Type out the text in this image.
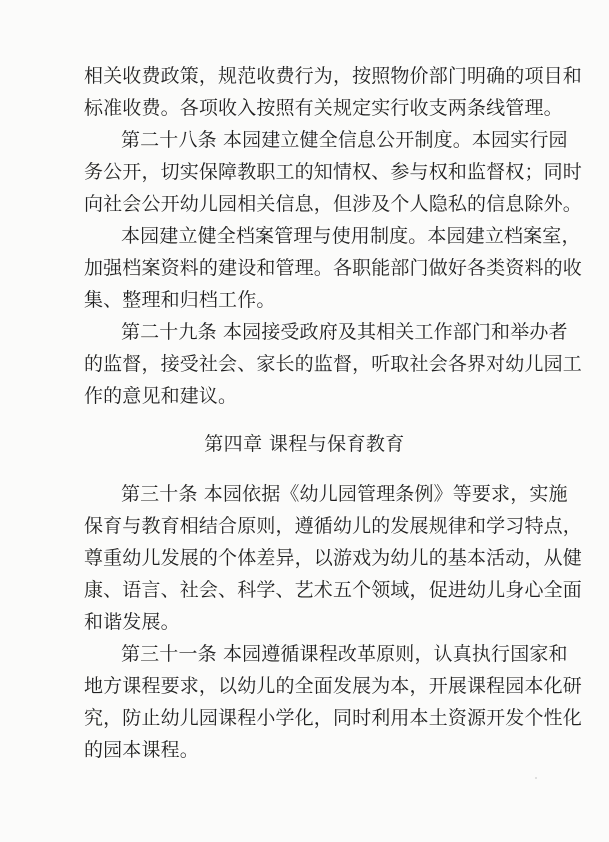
相关收费政策，规范收费行为，按照物价部门明确的项目和
标准收费。各项收入按照有关规定实行收支两条线管理。
第二十八条 本园建立健全信息公开制度。本园实行园
务公开，切实保障教职工的知情权、参与权和监督权；同时
向社会公开幼儿园相关信息，但涉及个人隐私的信息除外。
本园建立健全档案管理与使用制度。本园建立档案室，
加强档案资料的建设和管理。各职能部门做好各类资料的收
集、整理和归档工作。
第二十九条 本园接受政府及其相关工作部门和举办者
的监督，接受社会、家长的监督，听取社会各界对幼儿园工
作的意见和建议。
第四章 课程与保育教育
第三十条 本园依据《幼儿园管理条例》等要求，实施
保育与教育相结合原则，遵循幼儿的发展规律和学习特点，
尊重幼儿发展的个体差异，以游戏为幼儿的基本活动，从健
康、语言、社会、科学、艺术五个领域，促进幼儿身心全面
和谐发展。
第三十一条 本园遵循课程改革原则，认真执行国家和
地方课程要求，以幼儿的全面发展为本，开展课程园本化研
究，防止幼儿园课程小学化，同时利用本土资源开发个性化
的园本课程。
